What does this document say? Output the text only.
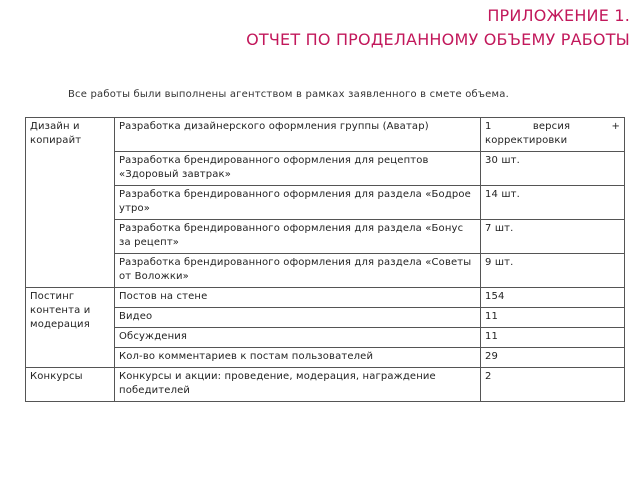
ПРИЛОЖЕНИЕ 1.
ОТЧЕТ ПО ПРОДЕЛАННОМУ ОБЪЕМУ РАБОТЫ
Все работы были выполнены агентством в рамках заявленного в смете объема.
Дизайн и копирайт	Разработка дизайнерского оформления группы (Аватар)	1 версия +
корректировки

	Разработка брендированного оформления для рецептов «Здоровый завтрак»	30 шт.
	Разработка брендированного оформления для раздела «Бодрое утро»	14 шт.
	Разработка брендированного оформления для раздела «Бонус за рецепт»	7 шт.
	Разработка брендированного оформления для раздела «Советы от Воложки»	9 шт.
Постинг контента и модерация	Постов на стене	154
	Видео	11
	Обсуждения	11
	Кол-во комментариев к постам пользователей	29
Конкурсы	Конкурсы и акции: проведение, модерация, награждение победителей	2
